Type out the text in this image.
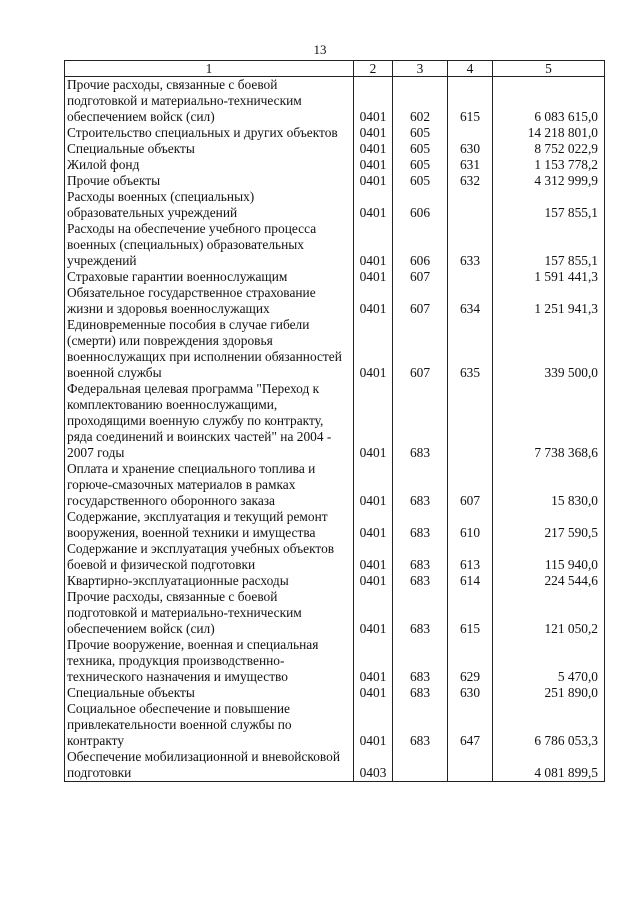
13
1	2	3	4	5
Прочие расходы, связанные с боевой подготовкой и материально-техническим обеспечением войск (сил)	0401	602	615	6 083 615,0
Строительство специальных и других объектов	0401	605		14 218 801,0
Специальные объекты	0401	605	630	8 752 022,9
Жилой фонд	0401	605	631	1 153 778,2
Прочие объекты	0401	605	632	4 312 999,9
Расходы военных (специальных) образовательных учреждений	0401	606		157 855,1
Расходы на обеспечение учебного процесса военных (специальных) образовательных учреждений	0401	606	633	157 855,1
Страховые гарантии военнослужащим	0401	607		1 591 441,3
Обязательное государственное страхование жизни и здоровья военнослужащих	0401	607	634	1 251 941,3
Единовременные пособия в случае гибели (смерти) или повреждения здоровья военнослужащих при исполнении обязанностей военной службы	0401	607	635	339 500,0
Федеральная целевая программа "Переход к комплектованию военнослужащими, проходящими военную службу по контракту, ряда соединений и воинских частей" на 2004 - 2007 годы	0401	683		7 738 368,6
Оплата и хранение специального топлива и горюче-смазочных материалов в рамках государственного оборонного заказа	0401	683	607	15 830,0
Содержание, эксплуатация и текущий ремонт вооружения, военной техники и имущества	0401	683	610	217 590,5
Содержание и эксплуатация учебных объектов боевой и физической подготовки	0401	683	613	115 940,0
Квартирно-эксплуатационные расходы	0401	683	614	224 544,6
Прочие расходы, связанные с боевой подготовкой и материально-техническим обеспечением войск (сил)	0401	683	615	121 050,2
Прочие вооружение, военная и специальная техника, продукция производственно-технического назначения и имущество	0401	683	629	5 470,0
Специальные объекты	0401	683	630	251 890,0
Социальное обеспечение и повышение привлекательности военной службы по контракту	0401	683	647	6 786 053,3
Обеспечение мобилизационной и вневойсковой подготовки	0403			4 081 899,5
